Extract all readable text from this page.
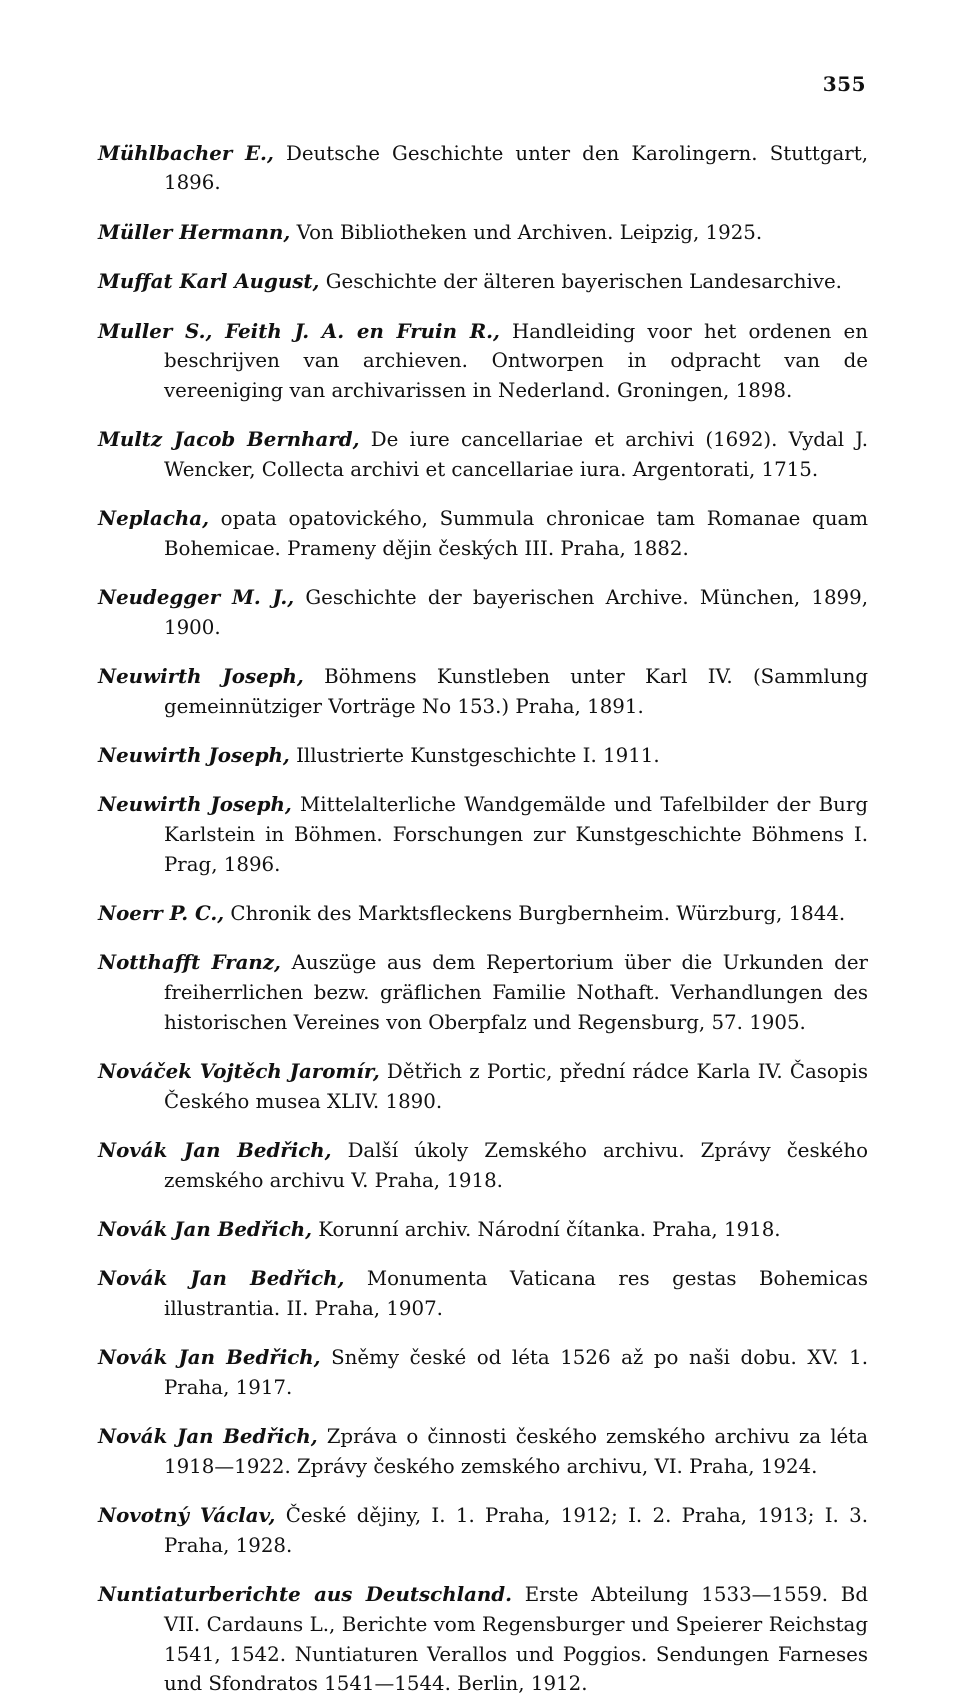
355

Mühlbacher E., Deutsche Geschichte unter den Karolingern. Stuttgart, 1896.

Müller Hermann, Von Bibliotheken und Archiven. Leipzig, 1925.

Muffat Karl August, Geschichte der älteren bayerischen Landesarchive.

Muller S., Feith J. A. en Fruin R., Handleiding voor het ordenen en beschrijven van archieven. Ontworpen in odpracht van de vereeniging van archivarissen in Nederland. Groningen, 1898.

Multz Jacob Bernhard, De iure cancellariae et archivi (1692). Vydal J. Wencker, Collecta archivi et cancellariae iura. Argentorati, 1715.

Neplacha, opata opatovického, Summula chronicae tam Romanae quam Bohemicae. Prameny dějin českých III. Praha, 1882.

Neudegger M. J., Geschichte der bayerischen Archive. München, 1899, 1900.

Neuwirth Joseph, Böhmens Kunstleben unter Karl IV. (Sammlung gemeinnütziger Vorträge No 153.) Praha, 1891.

Neuwirth Joseph, Illustrierte Kunstgeschichte I. 1911.

Neuwirth Joseph, Mittelalterliche Wandgemälde und Tafelbilder der Burg Karlstein in Böhmen. Forschungen zur Kunstgeschichte Böhmens I. Prag, 1896.

Noerr P. C., Chronik des Marktsfleckens Burgbernheim. Würzburg, 1844.

Notthafft Franz, Auszüge aus dem Repertorium über die Urkunden der freiherrlichen bezw. gräflichen Familie Nothaft. Verhandlungen des historischen Vereines von Oberpfalz und Regensburg, 57. 1905.

Nováček Vojtěch Jaromír, Dětřich z Portic, přední rádce Karla IV. Časopis Českého musea XLIV. 1890.

Novák Jan Bedřich, Další úkoly Zemského archivu. Zprávy českého zemského archivu V. Praha, 1918.

Novák Jan Bedřich, Korunní archiv. Národní čítanka. Praha, 1918.

Novák Jan Bedřich, Monumenta Vaticana res gestas Bohemicas illustrantia. II. Praha, 1907.

Novák Jan Bedřich, Sněmy české od léta 1526 až po naši dobu. XV. 1. Praha, 1917.

Novák Jan Bedřich, Zpráva o činnosti českého zemského archivu za léta 1918—1922. Zprávy českého zemského archivu, VI. Praha, 1924.

Novotný Václav, České dějiny, I. 1. Praha, 1912; I. 2. Praha, 1913; I. 3. Praha, 1928.

Nuntiaturberichte aus Deutschland. Erste Abteilung 1533—1559. Bd VII. Cardauns L., Berichte vom Regensburger und Speierer Reichstag 1541, 1542. Nuntiaturen Verallos und Poggios. Sendungen Farneses und Sfondratos 1541—1544. Berlin, 1912.
